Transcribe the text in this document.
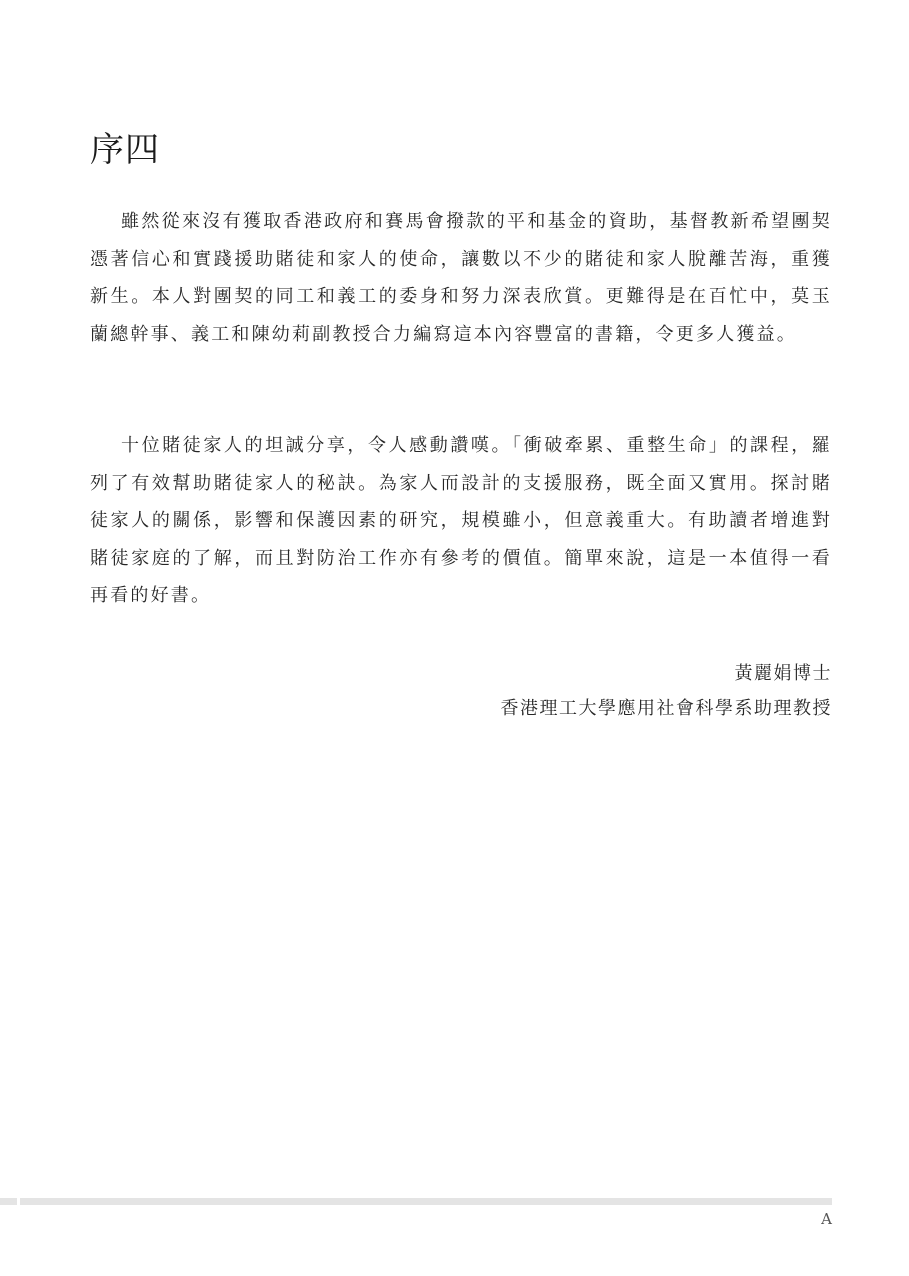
序四

雖然從來沒有獲取香港政府和賽馬會撥款的平和基金的資助，基督教新希望團契憑著信心和實踐援助賭徒和家人的使命，讓數以不少的賭徒和家人脫離苦海，重獲新生。本人對團契的同工和義工的委身和努力深表欣賞。更難得是在百忙中，莫玉蘭總幹事、義工和陳幼莉副教授合力編寫這本內容豐富的書籍，令更多人獲益。

十位賭徒家人的坦誠分享，令人感動讚嘆。「衝破牽累、重整生命」的課程，羅列了有效幫助賭徒家人的秘訣。為家人而設計的支援服務，既全面又實用。探討賭徒家人的關係，影響和保護因素的研究，規模雖小，但意義重大。有助讀者增進對賭徒家庭的了解，而且對防治工作亦有參考的價值。簡單來說，這是一本值得一看再看的好書。

黃麗娟博士
香港理工大學應用社會科學系助理教授
A
